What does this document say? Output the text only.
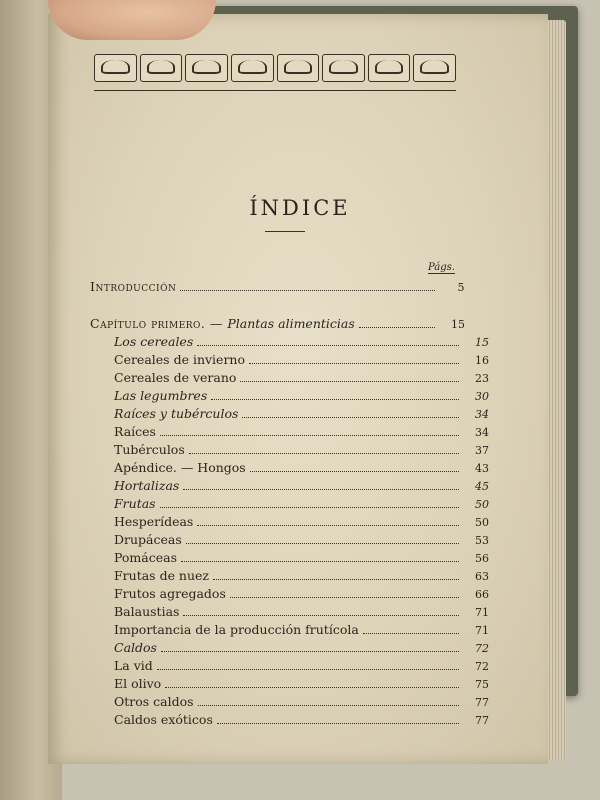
ÍNDICE
Págs.
Introducción	5
Capítulo primero. — Plantas alimenticias	15
Los cereales	15
Cereales de invierno	16
Cereales de verano	23
Las legumbres	30
Raíces y tubérculos	34
Raíces	34
Tubérculos	37
Apéndice. — Hongos	43
Hortalizas	45
Frutas	50
Hesperídeas	50
Drupáceas	53
Pomáceas	56
Frutas de nuez	63
Frutos agregados	66
Balaustias	71
Importancia de la producción frutícola	71
Caldos	72
La vid	72
El olivo	75
Otros caldos	77
Caldos exóticos	77
